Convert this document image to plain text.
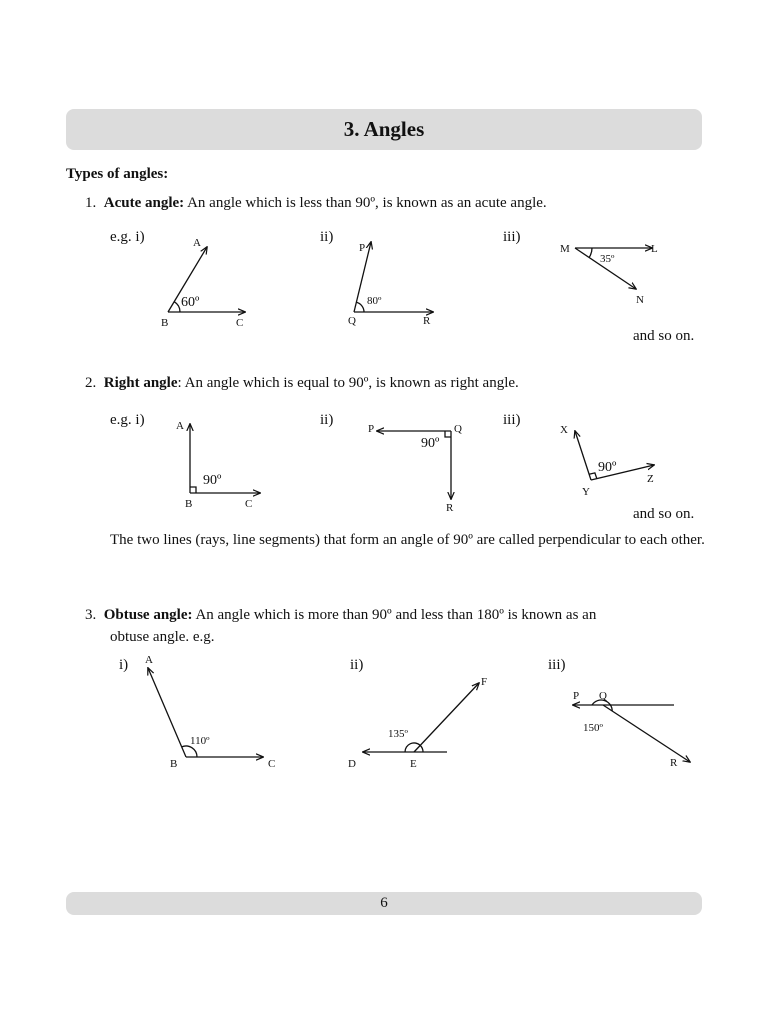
3. Angles
Types of angles:
1. Acute angle: An angle which is less than 90º, is known as an acute angle.
e.g. i)	ii)	iii)
and so on.
2. Right angle: An angle which is equal to 90º, is known as right angle.
e.g. i)	ii)	iii)
and so on.
The two lines (rays, line segments) that form an angle of 90º are called perpendicular to each other.
3. Obtuse angle: An angle which is more than 90º and less than 180º is known as an
obtuse angle. e.g.
i)	ii)	iii)
A
B	C
60º
P
Q	R
80º
M	L
N
35º
A
B	C
90º
P	Q
R
90º
X
Y
Z
90º
A
B	C
110º
F
D	E
135º
P Q
R
150º
6
